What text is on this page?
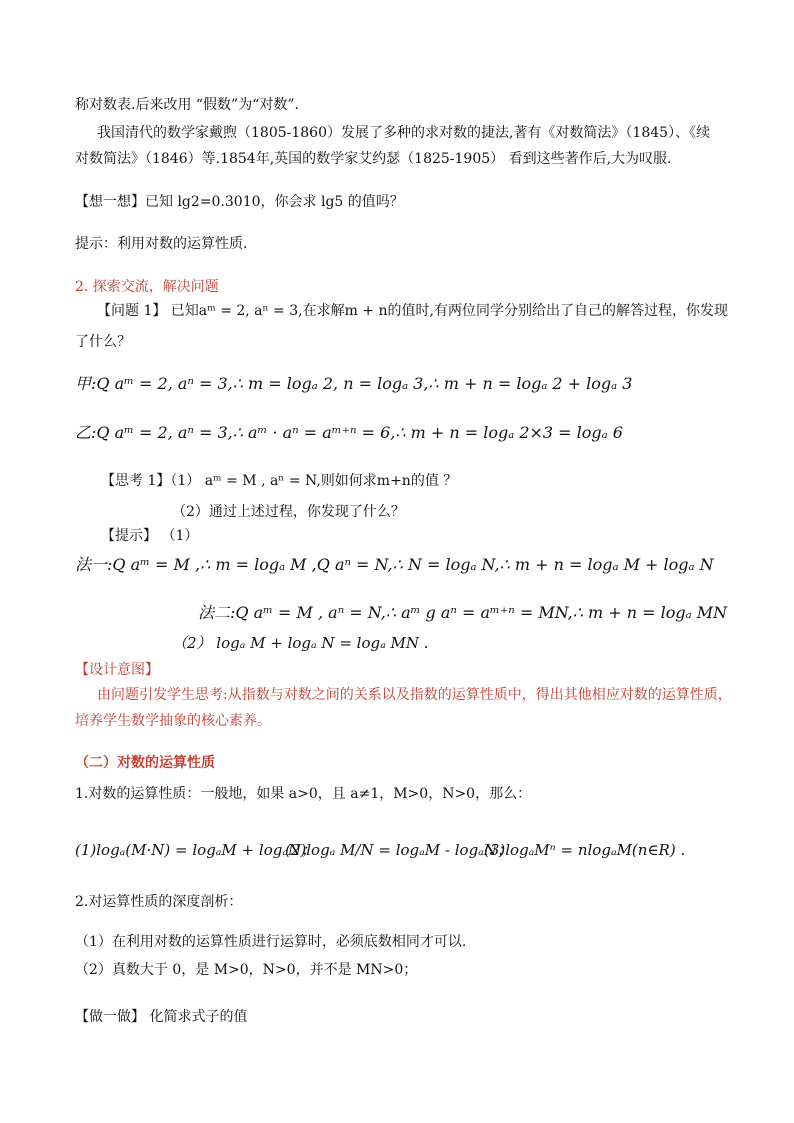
称对数表.后来改用 “假数”为“对数”.
我国清代的数学家戴煦（1805-1860）发展了多种的求对数的捷法,著有《对数简法》（1845）、《续
对数简法》（1846）等.1854年,英国的数学家艾约瑟（1825-1905） 看到这些著作后,大为叹服.
【想一想】已知 lg2=0.3010，你会求 lg5 的值吗？
提示：利用对数的运算性质.
2. 探索交流，解决问题
【问题 1】 已知aᵐ = 2, aⁿ = 3,在求解m + n的值时,有两位同学分别给出了自己的解答过程，你发现
了什么？
甲:Q aᵐ = 2, aⁿ = 3,∴ m = logₐ 2, n = logₐ 3,∴ m + n = logₐ 2 + logₐ 3
乙:Q aᵐ = 2, aⁿ = 3,∴ aᵐ · aⁿ = aᵐ⁺ⁿ = 6,∴ m + n = logₐ 2×3 = logₐ 6
【思考 1】（1） aᵐ = M , aⁿ = N,则如何求m+n的值 ？
（2）通过上述过程，你发现了什么？
【提示】 （1）
法一:Q aᵐ = M ,∴ m = logₐ M ,Q aⁿ = N,∴ N = logₐ N,∴ m + n = logₐ M + logₐ N
法二:Q aᵐ = M , aⁿ = N,∴ aᵐ g aⁿ = aᵐ⁺ⁿ = MN,∴ m + n = logₐ MN
（2） logₐ M + logₐ N = logₐ MN .
【设计意图】
由问题引发学生思考:从指数与对数之间的关系以及指数的运算性质中，得出其他相应对数的运算性质，
培养学生数学抽象的核心素养。
（二）对数的运算性质
1.对数的运算性质：一般地，如果 a>0，且 a≠1，M>0，N>0，那么：
(1)logₐ(M·N) = logₐM + logₐN；
(2)logₐ M/N = logₐM - logₐN；
(3)logₐMⁿ = nlogₐM(n∈R) .
2.对运算性质的深度剖析：
（1）在利用对数的运算性质进行运算时，必须底数相同才可以.
（2）真数大于 0，是 M>0，N>0，并不是 MN>0；
【做一做】 化简求式子的值
